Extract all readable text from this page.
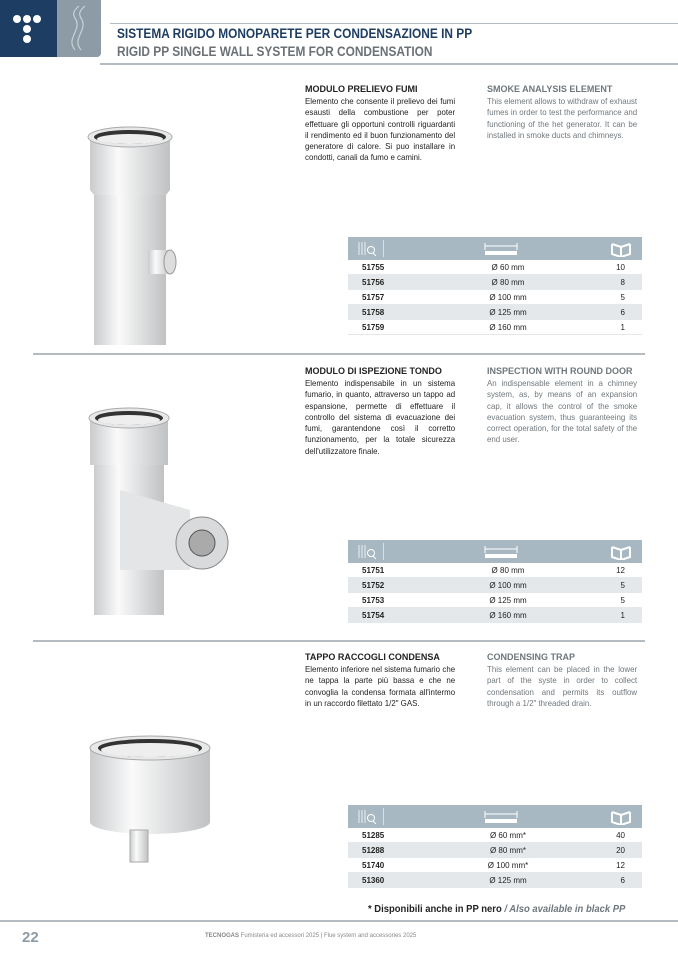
SISTEMA RIGIDO MONOPARETE PER CONDENSAZIONE IN PP
RIGID PP SINGLE WALL SYSTEM FOR CONDENSATION
MODULO PRELIEVO FUMI
Elemento che consente il prelievo dei fumi esausti della combustione per poter effettuare gli opportuni controlli riguardanti il rendimento ed il buon funzionamento del generatore di calore. Si puo installare in condotti, canali da fumo e camini.
SMOKE ANALYSIS ELEMENT
This element allows to withdraw of exhaust fumes in order to test the performance and functioning of the het generator. It can be installed in smoke ducts and chimneys.
51755	Ø 60 mm	10
51756	Ø 80 mm	8
51757	Ø 100 mm	5
51758	Ø 125 mm	6
51759	Ø 160 mm	1
MODULO DI ISPEZIONE TONDO
Elemento indispensabile in un sistema fumario, in quanto, attraverso un tappo ad espansione, permette di effettuare il controllo del sistema di evacuazione dei fumi, garantendone così il corretto funzionamento, per la totale sicurezza dell'utilizzatore finale.
INSPECTION WITH ROUND DOOR
An indispensable element in a chimney system, as, by means of an expansion cap, it allows the control of the smoke evacuation system, thus guaranteeing its correct operation, for the total safety of the end user.
51751	Ø 80 mm	12
51752	Ø 100 mm	5
51753	Ø 125 mm	5
51754	Ø 160 mm	1
TAPPO RACCOGLI CONDENSA
Elemento inferiore nel sistema fumario che ne tappa la parte più bassa e che ne convoglia la condensa formata all'intermo in un raccordo filettato 1/2" GAS.
CONDENSING TRAP
This element can be placed in the lower part of the syste in order to collect condensation and permits its outflow through a 1/2" threaded drain.
51285	Ø 60 mm*	40
51288	Ø 80 mm*	20
51740	Ø 100 mm*	12
51360	Ø 125 mm	6
* Disponibili anche in PP nero / Also available in black PP
22	TECNOGAS Fumisteria ed accessori 2025 | Flue system and accessories 2025
